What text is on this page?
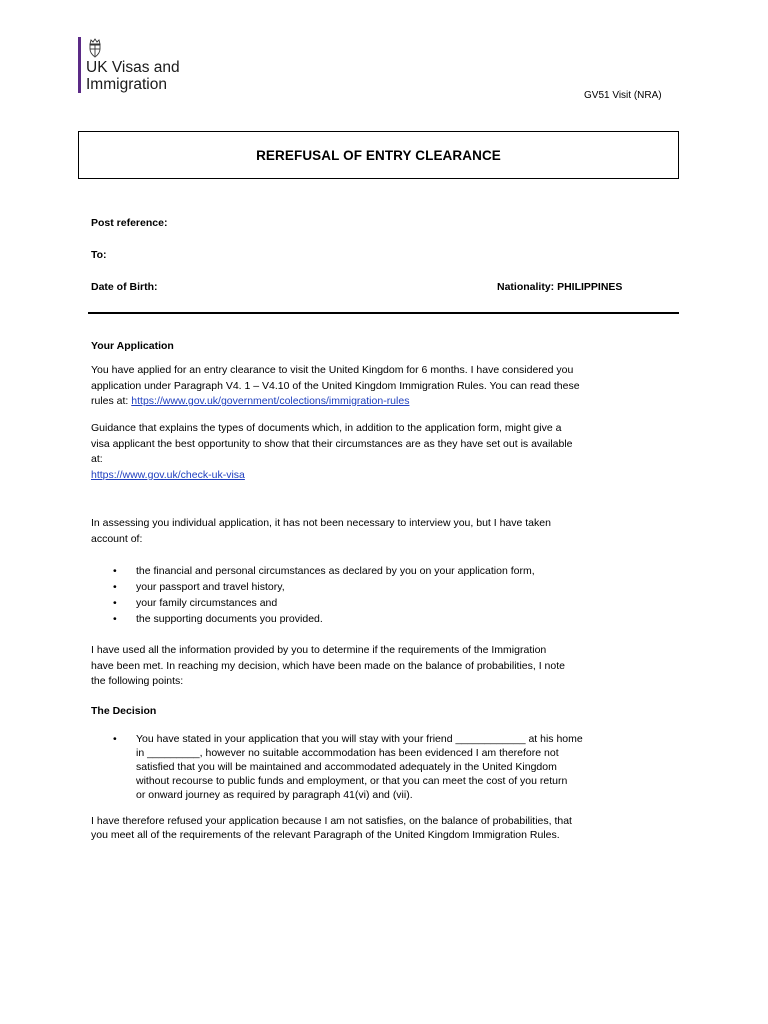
UK Visas and
Immigration
GV51 Visit (NRA)
REREFUSAL OF ENTRY CLEARANCE
Post reference:
To:
Date of Birth:	Nationality: PHILIPPINES
Your Application
You have applied for an entry clearance to visit the United Kingdom for 6 months. I have considered you
application under Paragraph V4. 1 – V4.10 of the United Kingdom Immigration Rules. You can read these
rules at: https://www.gov.uk/government/colections/immigration-rules
Guidance that explains the types of documents which, in addition to the application form, might give a
visa applicant the best opportunity to show that their circumstances are as they have set out is available
at:
https://www.gov.uk/check-uk-visa
In assessing you individual application, it has not been necessary to interview you, but I have taken
account of:
• the financial and personal circumstances as declared by you on your application form,
• your passport and travel history,
• your family circumstances and
• the supporting documents you provided.
I have used all the information provided by you to determine if the requirements of the Immigration
have been met. In reaching my decision, which have been made on the balance of probabilities, I note
the following points:
The Decision
• You have stated in your application that you will stay with your friend ____________ at his home
in _________, however no suitable accommodation has been evidenced I am therefore not
satisfied that you will be maintained and accommodated adequately in the United Kingdom
without recourse to public funds and employment, or that you can meet the cost of you return
or onward journey as required by paragraph 41(vi) and (vii).
I have therefore refused your application because I am not satisfies, on the balance of probabilities, that
you meet all of the requirements of the relevant Paragraph of the United Kingdom Immigration Rules.
